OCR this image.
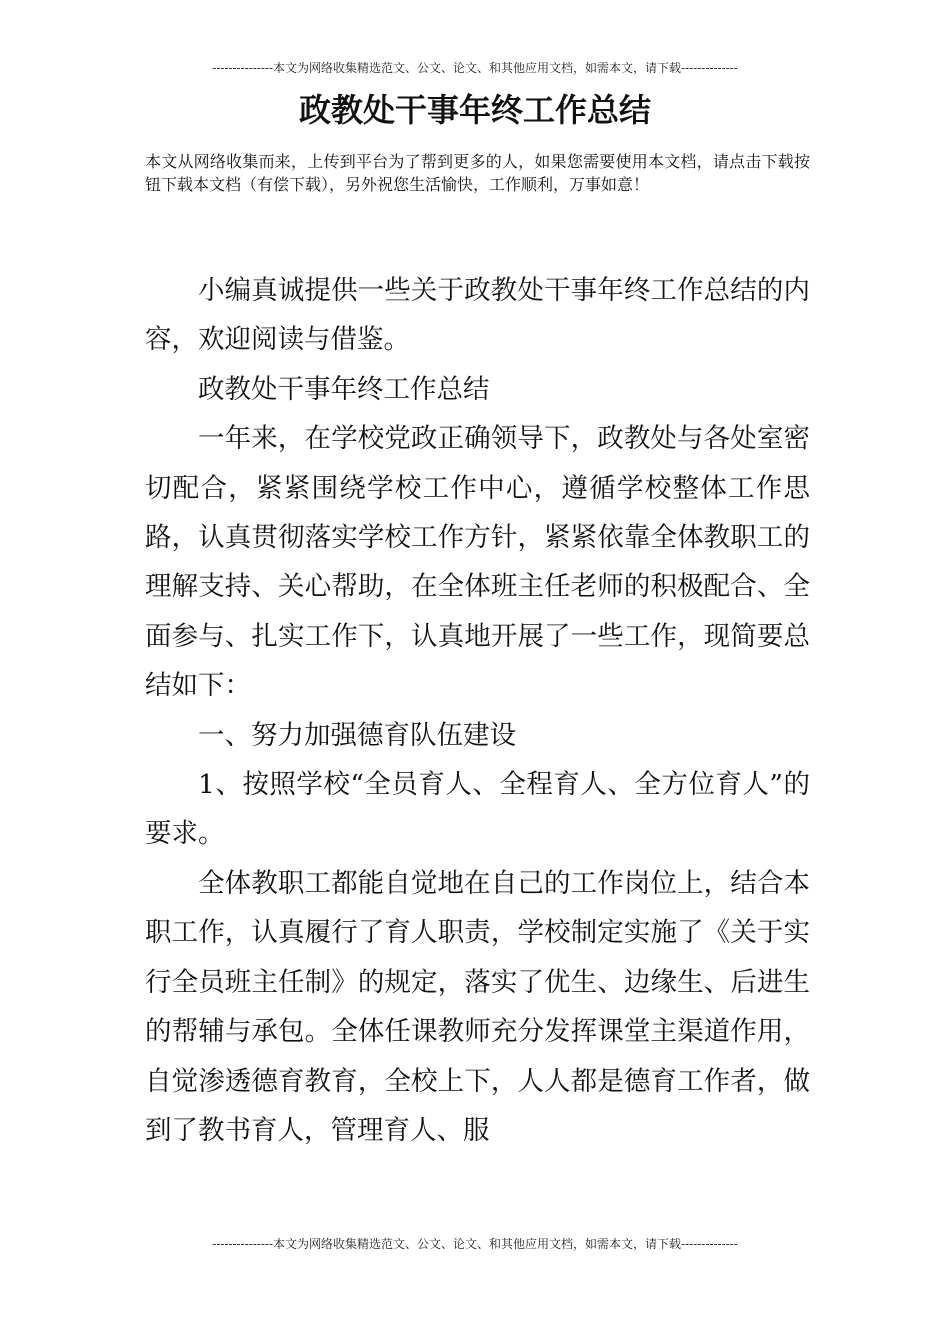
---------------本文为网络收集精选范文、公文、论文、和其他应用文档，如需本文，请下载--------------
政教处干事年终工作总结

本文从网络收集而来，上传到平台为了帮到更多的人，如果您需要使用本文档，请点击下载按钮下载本文档（有偿下载），另外祝您生活愉快，工作顺利，万事如意！

小编真诚提供一些关于政教处干事年终工作总结的内容，欢迎阅读与借鉴。

政教处干事年终工作总结

一年来，在学校党政正确领导下，政教处与各处室密切配合，紧紧围绕学校工作中心，遵循学校整体工作思路，认真贯彻落实学校工作方针，紧紧依靠全体教职工的理解支持、关心帮助，在全体班主任老师的积极配合、全面参与、扎实工作下，认真地开展了一些工作，现简要总结如下：

一、努力加强德育队伍建设

1、按照学校“全员育人、全程育人、全方位育人”的要求。

全体教职工都能自觉地在自己的工作岗位上，结合本职工作，认真履行了育人职责，学校制定实施了《关于实行全员班主任制》的规定，落实了优生、边缘生、后进生的帮辅与承包。全体任课教师充分发挥课堂主渠道作用，自觉渗透德育教育，全校上下，人人都是德育工作者，做到了教书育人，管理育人、服

---------------本文为网络收集精选范文、公文、论文、和其他应用文档，如需本文，请下载--------------
